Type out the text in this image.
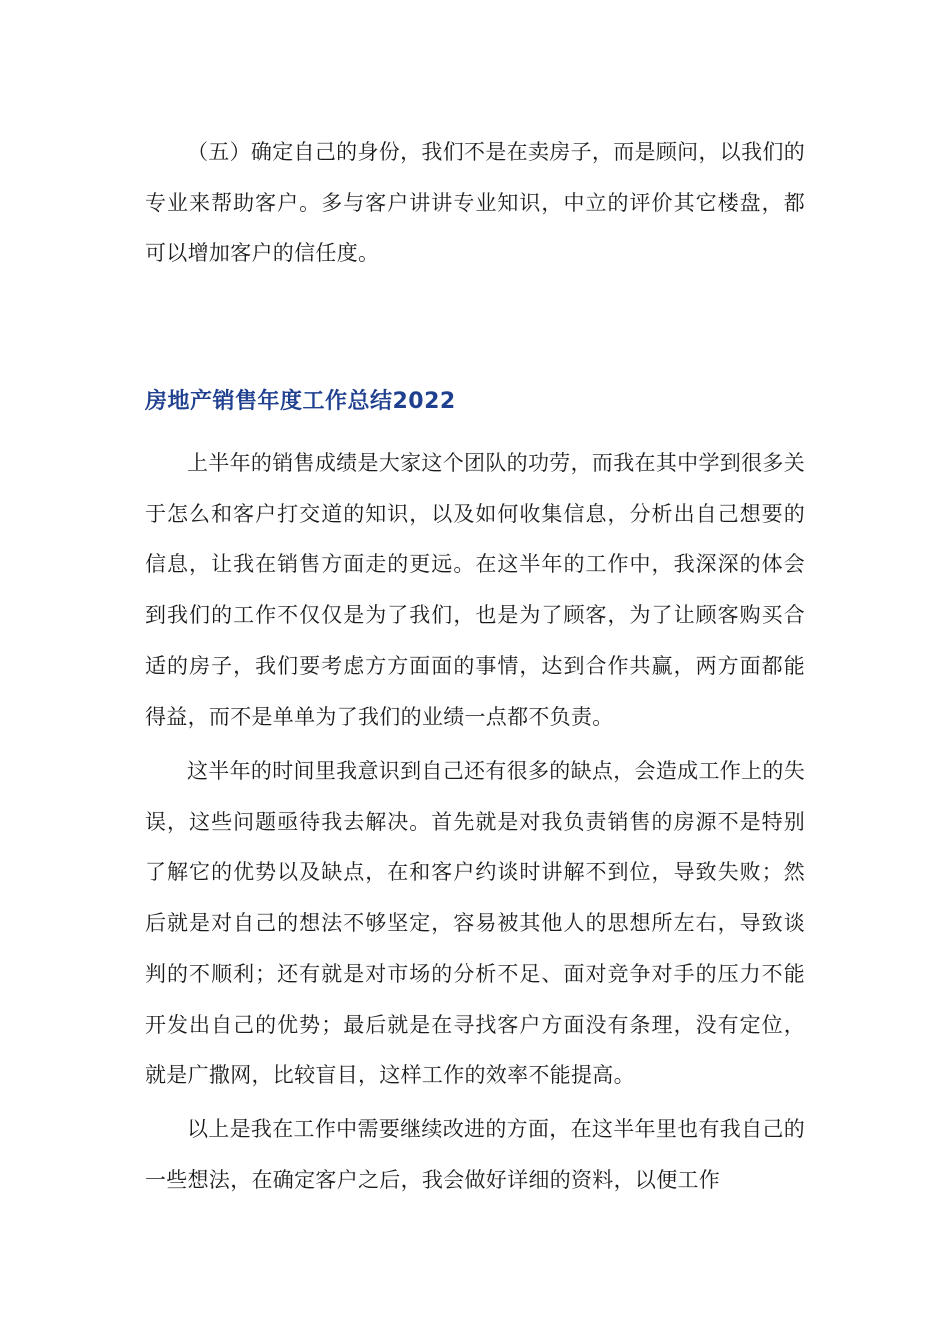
（五）确定自己的身份，我们不是在卖房子，而是顾问，以我们的专业来帮助客户。多与客户讲讲专业知识，中立的评价其它楼盘，都可以增加客户的信任度。

房地产销售年度工作总结2022

上半年的销售成绩是大家这个团队的功劳，而我在其中学到很多关于怎么和客户打交道的知识，以及如何收集信息，分析出自己想要的信息，让我在销售方面走的更远。在这半年的工作中，我深深的体会到我们的工作不仅仅是为了我们，也是为了顾客，为了让顾客购买合适的房子，我们要考虑方方面面的事情，达到合作共赢，两方面都能得益，而不是单单为了我们的业绩一点都不负责。

这半年的时间里我意识到自己还有很多的缺点，会造成工作上的失误，这些问题亟待我去解决。首先就是对我负责销售的房源不是特别了解它的优势以及缺点，在和客户约谈时讲解不到位，导致失败；然后就是对自己的想法不够坚定，容易被其他人的思想所左右，导致谈判的不顺利；还有就是对市场的分析不足、面对竞争对手的压力不能开发出自己的优势；最后就是在寻找客户方面没有条理，没有定位，就是广撒网，比较盲目，这样工作的效率不能提高。

以上是我在工作中需要继续改进的方面，在这半年里也有我自己的一些想法，在确定客户之后，我会做好详细的资料，以便工作
